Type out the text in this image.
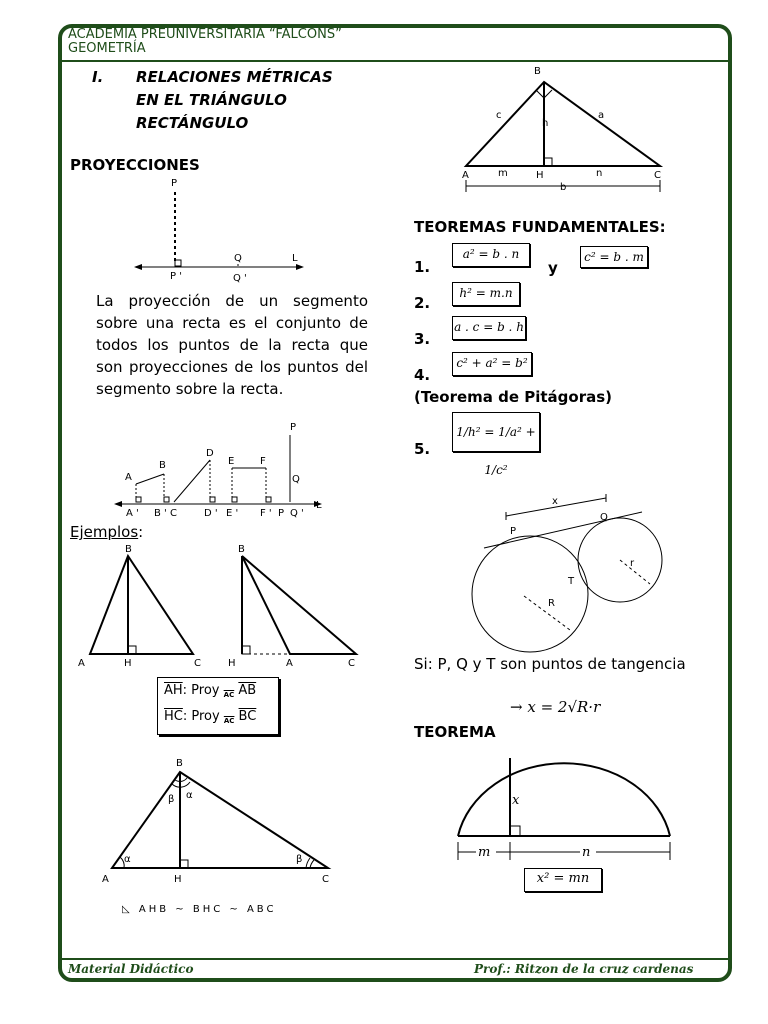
ACADEMIA PREUNIVERSITARIA “FALCONS”
GEOMETRÍA
I. RELACIONES MÉTRICAS
EN EL TRIÁNGULO
RECTÁNGULO
PROYECCIONES
P
Q	L
P '	Q '
La proyección de un segmento sobre una recta es el conjunto de todos los puntos de la recta que son proyecciones de los puntos del segmento sobre la recta.
P
Q
L
A
B
D
E	F
A ' B ' C	D ' E ' F ' P Q '
Ejemplos:
B
A	H	C
B
H	A	C
$\overline{AH}$: Proy $_{\overline{AC}}$ $\overline{AB}$
$\overline{HC}$: Proy $_{\overline{AC}}$ $\overline{BC}$
B
β α
α	β
A	H	C
◺ AHB ~ BHC ~ ABC
B
c	a
h
A	m	H	n	C
b
TEOREMAS FUNDAMENTALES:
1.
a² = b . n
y
c² = b . m
2.
h² = m.n
3.
a . c = b . h
4.
c² + a² = b²
(Teorema de Pitágoras)
5.
1/h² = 1/a² + 1/c²
x
P
Q
R
r
T
Si: P, Q y T son puntos de tangencia
→ x = 2√R·r
TEOREMA
x
m	n
x² = mn
Material Didáctico	Prof.: Ritzon de la cruz cardenas
